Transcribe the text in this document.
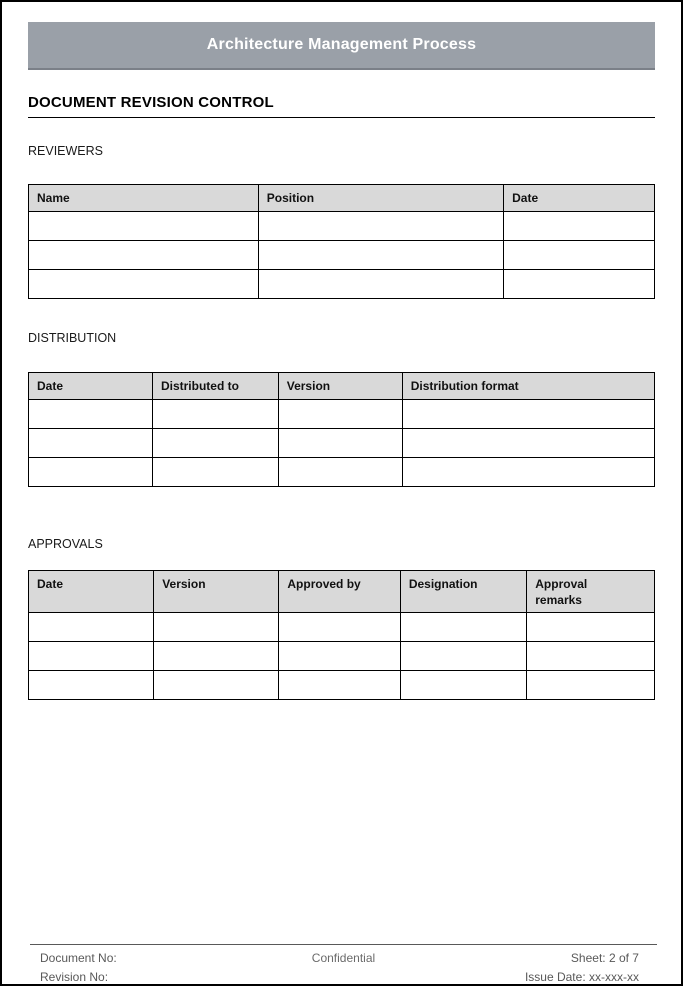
Architecture Management Process
DOCUMENT REVISION CONTROL
REVIEWERS
Name	Position	Date

DISTRIBUTION
Date	Distributed to	Version	Distribution format

APPROVALS
Date	Version	Approved by	Designation	Approval remarks

Document No:
Revision No:
Confidential	Sheet: 2 of 7
Issue Date: xx-xxx-xx
